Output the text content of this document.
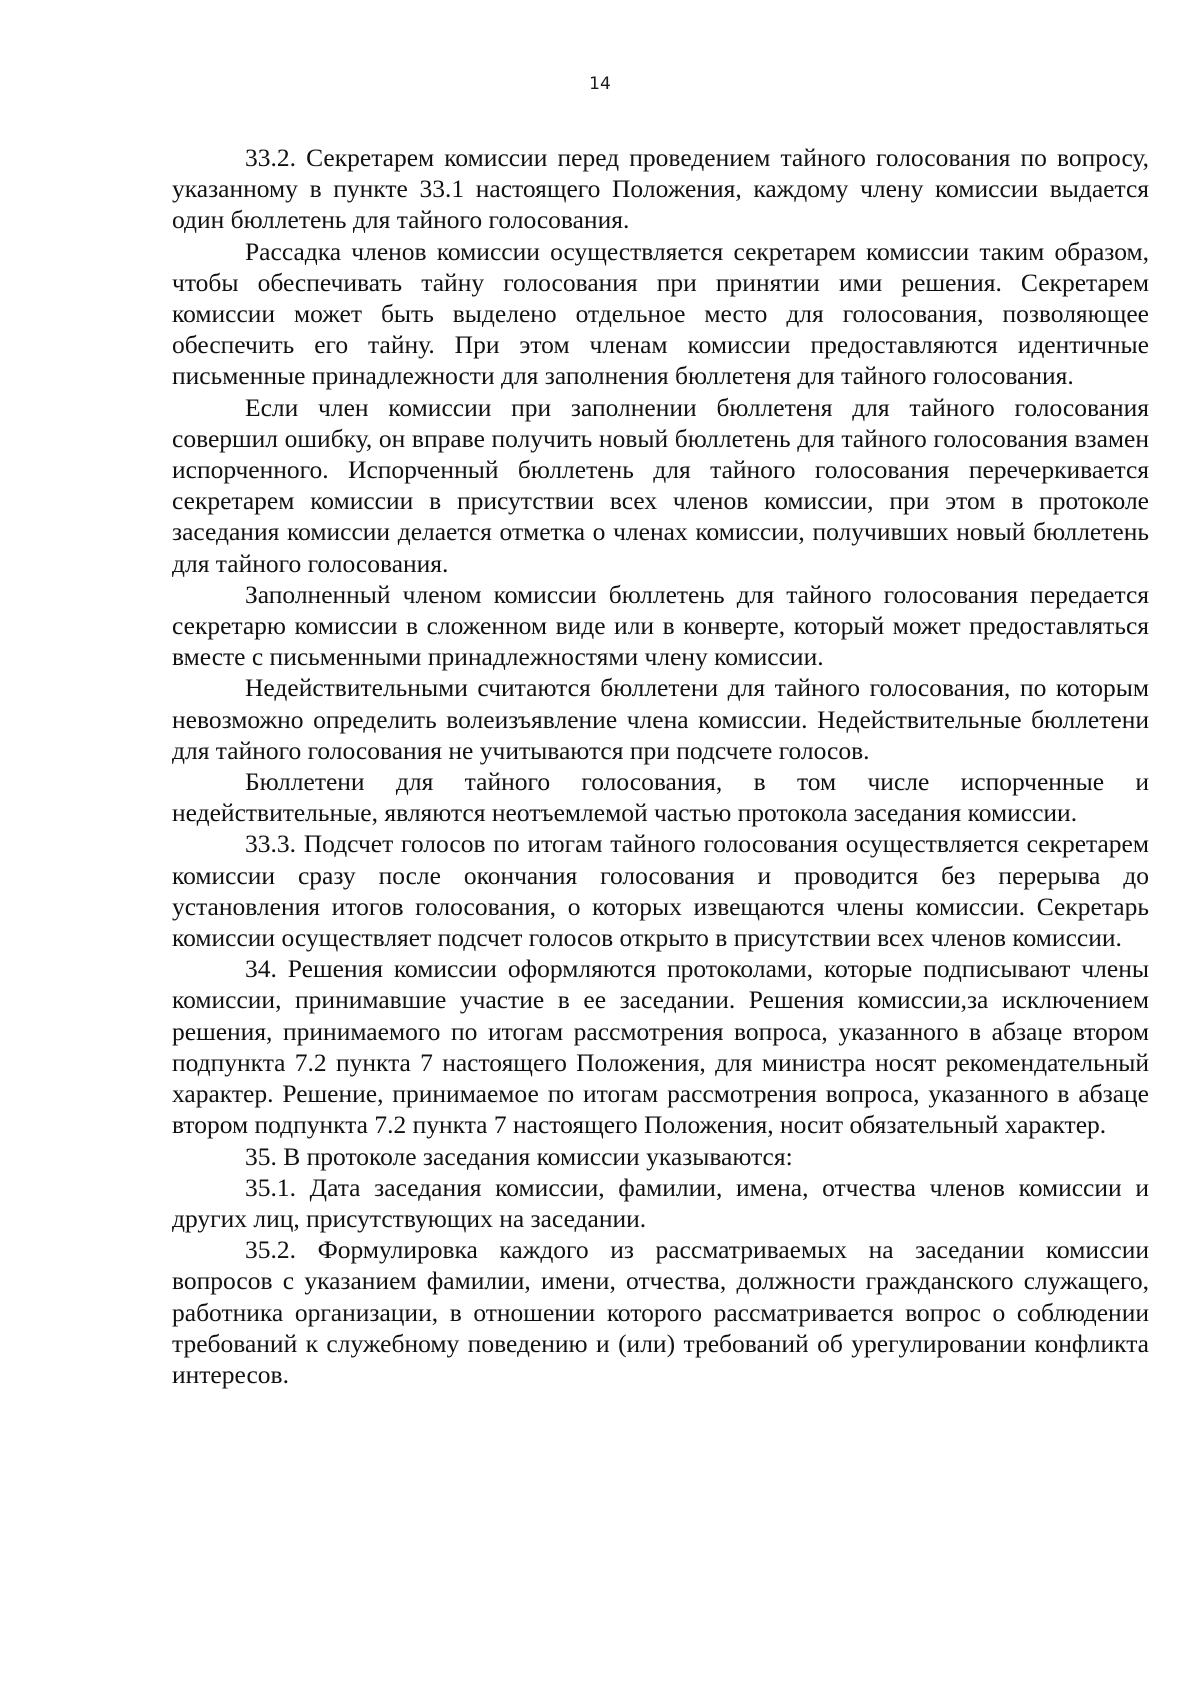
14

33.2. Секретарем комиссии перед проведением тайного голосования по вопросу, указанному в пункте 33.1 настоящего Положения, каждому члену комиссии выдается один бюллетень для тайного голосования.

Рассадка членов комиссии осуществляется секретарем комиссии таким образом, чтобы обеспечивать тайну голосования при принятии ими решения. Секретарем комиссии может быть выделено отдельное место для голосования, позволяющее обеспечить его тайну. При этом членам комиссии предоставляются идентичные письменные принадлежности для заполнения бюллетеня для тайного голосования.

Если член комиссии при заполнении бюллетеня для тайного голосования совершил ошибку, он вправе получить новый бюллетень для тайного голосования взамен испорченного. Испорченный бюллетень для тайного голосования перечеркивается секретарем комиссии в присутствии всех членов комиссии, при этом в протоколе заседания комиссии делается отметка о членах комиссии, получивших новый бюллетень для тайного голосования.

Заполненный членом комиссии бюллетень для тайного голосования передается секретарю комиссии в сложенном виде или в конверте, который может предоставляться вместе с письменными принадлежностями члену комиссии.

Недействительными считаются бюллетени для тайного голосования, по которым невозможно определить волеизъявление члена комиссии. Недействительные бюллетени для тайного голосования не учитываются при подсчете голосов.

Бюллетени для тайного голосования, в том числе испорченные и недействительные, являются неотъемлемой частью протокола заседания комиссии.

33.3. Подсчет голосов по итогам тайного голосования осуществляется секретарем комиссии сразу после окончания голосования и проводится без перерыва до установления итогов голосования, о которых извещаются члены комиссии. Секретарь комиссии осуществляет подсчет голосов открыто в присутствии всех членов комиссии.

34. Решения комиссии оформляются протоколами, которые подписывают члены комиссии, принимавшие участие в ее заседании. Решения комиссии,за исключением решения, принимаемого по итогам рассмотрения вопроса, указанного в абзаце втором подпункта 7.2 пункта 7 настоящего Положения, для министра носят рекомендательный характер. Решение, принимаемое по итогам рассмотрения вопроса, указанного в абзаце втором подпункта 7.2 пункта 7 настоящего Положения, носит обязательный характер.

35. В протоколе заседания комиссии указываются:

35.1. Дата заседания комиссии, фамилии, имена, отчества членов комиссии и других лиц, присутствующих на заседании.

35.2. Формулировка каждого из рассматриваемых на заседании комиссии вопросов с указанием фамилии, имени, отчества, должности гражданского служащего, работника организации, в отношении которого рассматривается вопрос о соблюдении требований к служебному поведению и (или) требований об урегулировании конфликта интересов.
